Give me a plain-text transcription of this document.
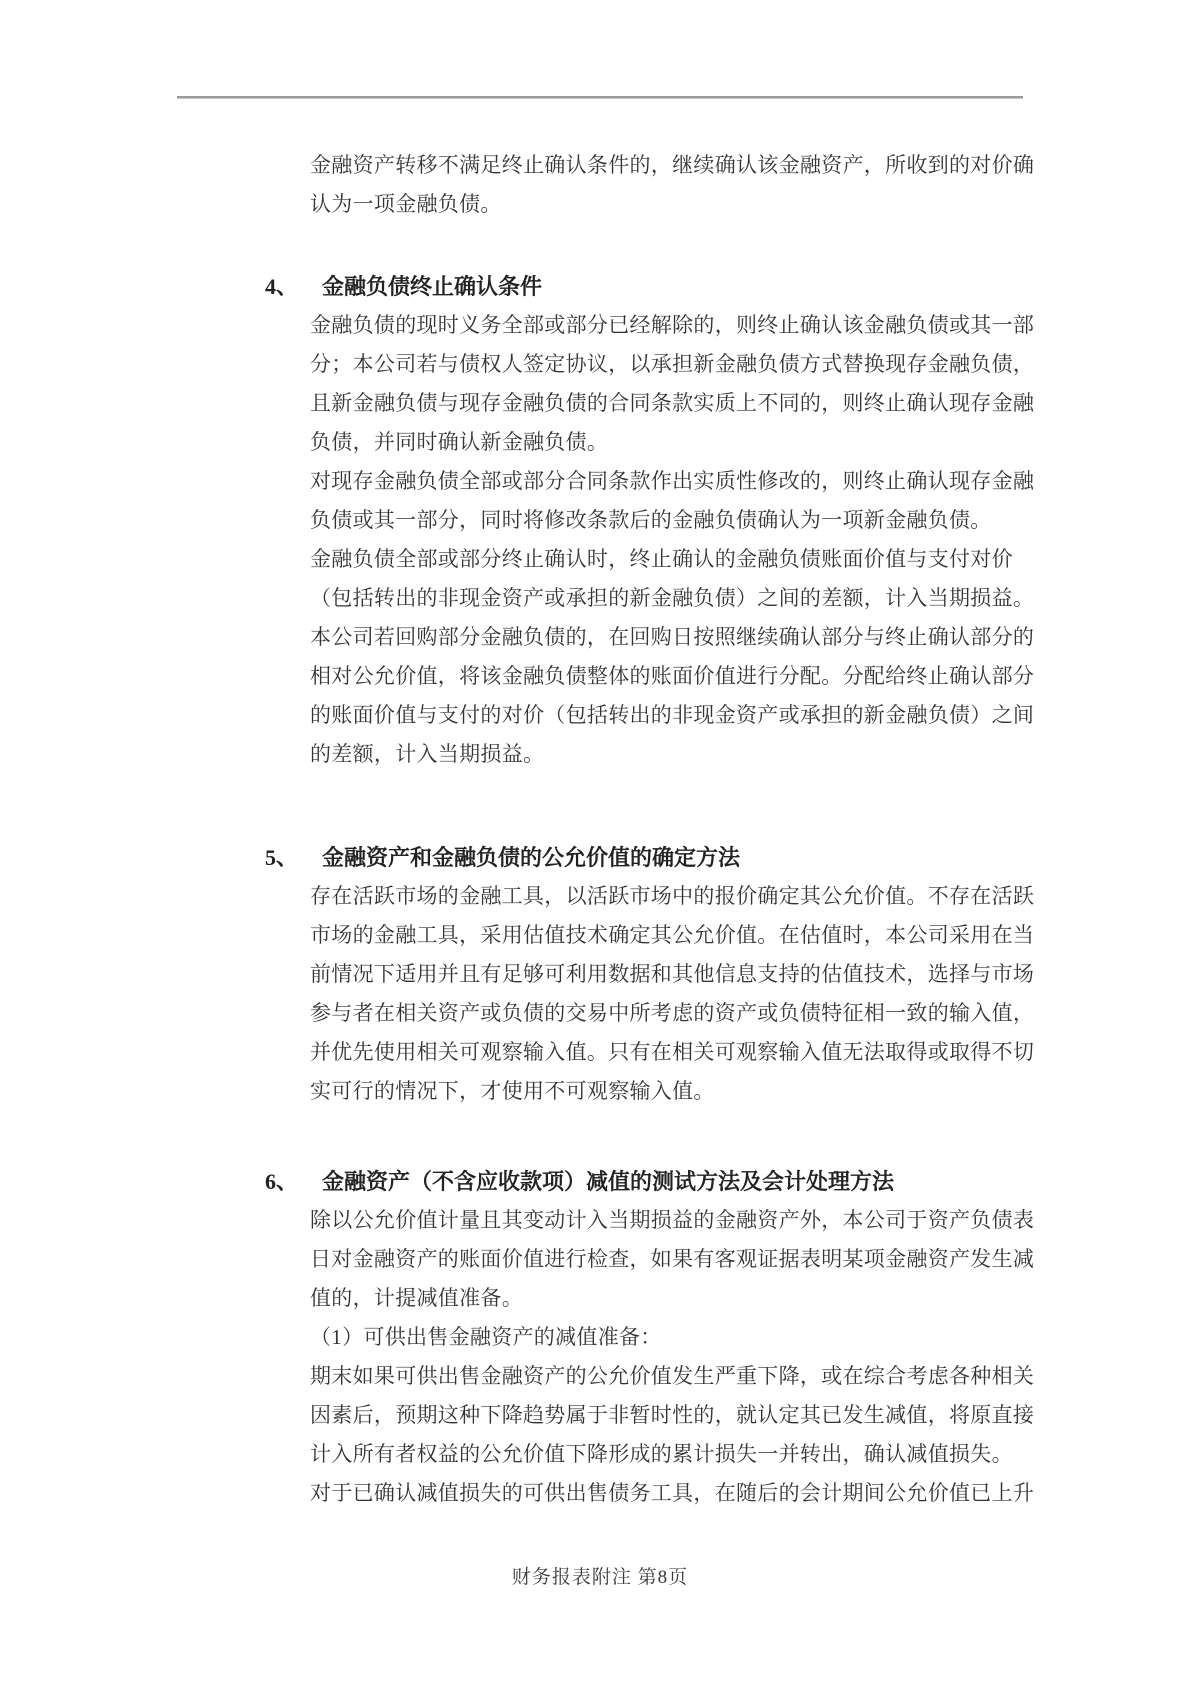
金融资产转移不满足终止确认条件的，继续确认该金融资产，所收到的对价确
认为一项金融负债。
4、 金融负债终止确认条件
金融负债的现时义务全部或部分已经解除的，则终止确认该金融负债或其一部
分；本公司若与债权人签定协议，以承担新金融负债方式替换现存金融负债，
且新金融负债与现存金融负债的合同条款实质上不同的，则终止确认现存金融
负债，并同时确认新金融负债。
对现存金融负债全部或部分合同条款作出实质性修改的，则终止确认现存金融
负债或其一部分，同时将修改条款后的金融负债确认为一项新金融负债。
金融负债全部或部分终止确认时，终止确认的金融负债账面价值与支付对价
（包括转出的非现金资产或承担的新金融负债）之间的差额，计入当期损益。
本公司若回购部分金融负债的，在回购日按照继续确认部分与终止确认部分的
相对公允价值，将该金融负债整体的账面价值进行分配。分配给终止确认部分
的账面价值与支付的对价（包括转出的非现金资产或承担的新金融负债）之间
的差额，计入当期损益。
5、 金融资产和金融负债的公允价值的确定方法
存在活跃市场的金融工具，以活跃市场中的报价确定其公允价值。不存在活跃
市场的金融工具，采用估值技术确定其公允价值。在估值时，本公司采用在当
前情况下适用并且有足够可利用数据和其他信息支持的估值技术，选择与市场
参与者在相关资产或负债的交易中所考虑的资产或负债特征相一致的输入值，
并优先使用相关可观察输入值。只有在相关可观察输入值无法取得或取得不切
实可行的情况下，才使用不可观察输入值。
6、 金融资产（不含应收款项）减值的测试方法及会计处理方法
除以公允价值计量且其变动计入当期损益的金融资产外，本公司于资产负债表
日对金融资产的账面价值进行检查，如果有客观证据表明某项金融资产发生减
值的，计提减值准备。
（1）可供出售金融资产的减值准备：
期末如果可供出售金融资产的公允价值发生严重下降，或在综合考虑各种相关
因素后，预期这种下降趋势属于非暂时性的，就认定其已发生减值，将原直接
计入所有者权益的公允价值下降形成的累计损失一并转出，确认减值损失。
对于已确认减值损失的可供出售债务工具，在随后的会计期间公允价值已上升
财务报表附注 第8页
